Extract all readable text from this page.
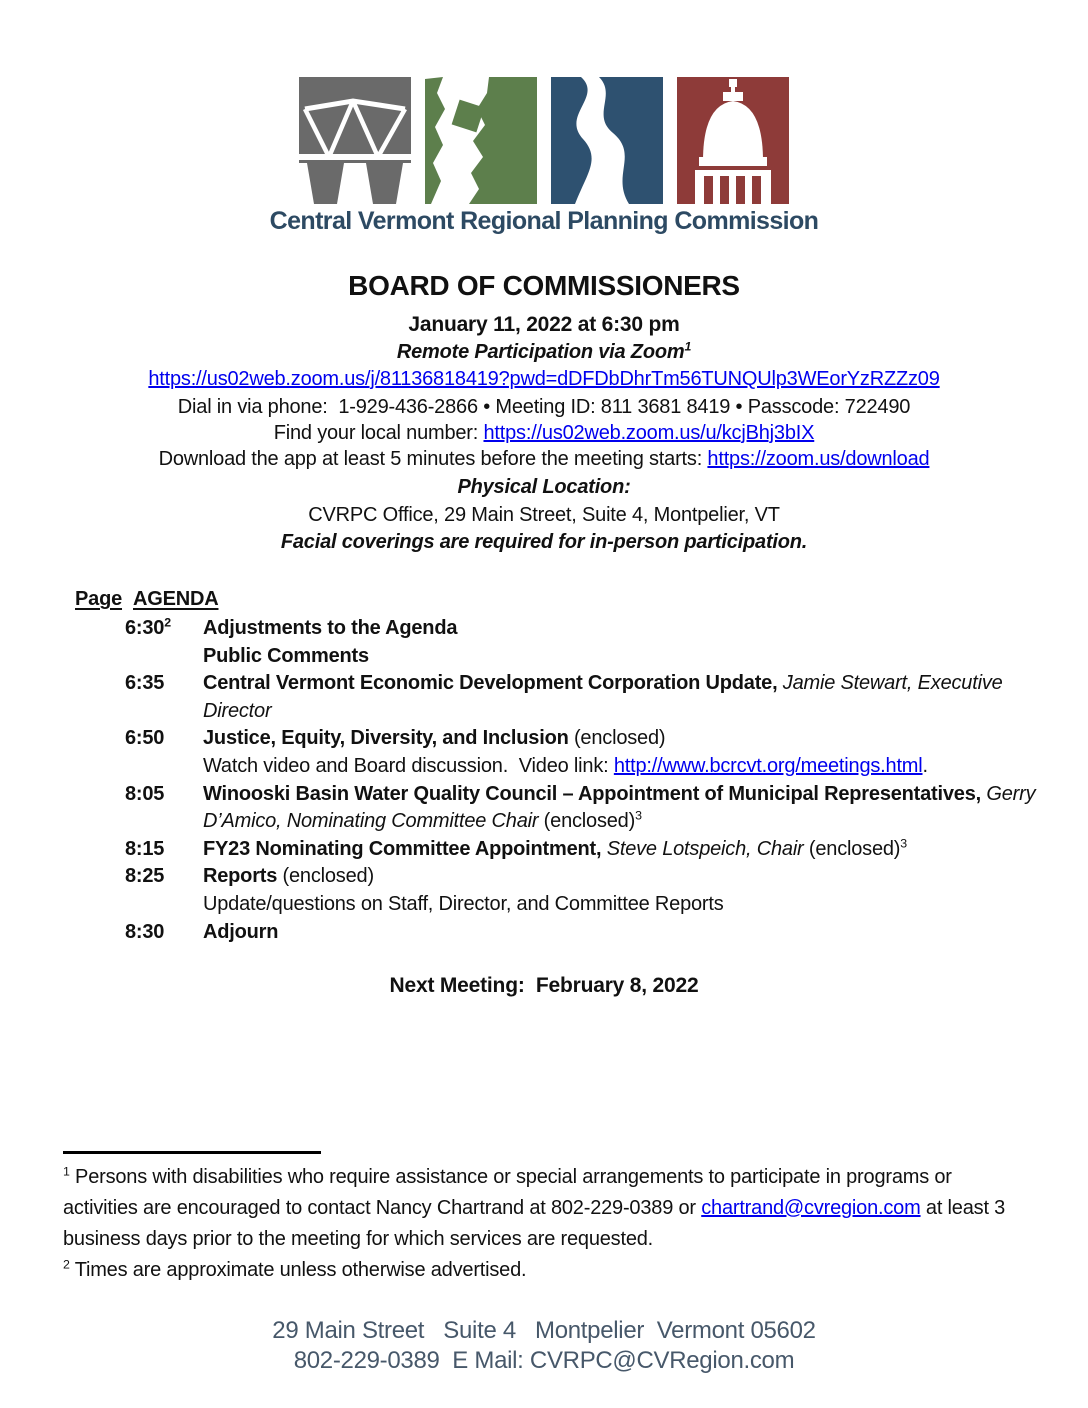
Central Vermont Regional Planning Commission
BOARD OF COMMISSIONERS
January 11, 2022 at 6:30 pm
Remote Participation via Zoom$^1$
https://us02web.zoom.us/j/81136818419?pwd=dDFDbDhrTm56TUNQUlp3WEorYzRZZz09
Dial in via phone:  1-929-436-2866 • Meeting ID: 811 3681 8419 • Passcode: 722490
Find your local number: https://us02web.zoom.us/u/kcjBhj3bIX
Download the app at least 5 minutes before the meeting starts: https://zoom.us/download
Physical Location:
CVRPC Office, 29 Main Street, Suite 4, Montpelier, VT
Facial coverings are required for in-person participation.
Page AGENDA
$6:30^2$	Adjustments to the Agenda
Public Comments
6:35	Central Vermont Economic Development Corporation Update, Jamie Stewart, Executive
Director
6:50	Justice, Equity, Diversity, and Inclusion (enclosed)
Watch video and Board discussion.  Video link: http://www.bcrcvt.org/meetings.html.
8:05	Winooski Basin Water Quality Council – Appointment of Municipal Representatives, Gerry
D’Amico, Nominating Committee Chair (enclosed)$^3$
8:15	FY23 Nominating Committee Appointment, Steve Lotspeich, Chair (enclosed)$^3$
8:25	Reports (enclosed)
Update/questions on Staff, Director, and Committee Reports
8:30	Adjourn
Next Meeting:  February 8, 2022

$^1$ Persons with disabilities who require assistance or special arrangements to participate in programs or activities are encouraged to contact Nancy Chartrand at 802-229-0389 or chartrand@cvregion.com at least 3 business days prior to the meeting for which services are requested.

$^2$ Times are approximate unless otherwise advertised.

29 Main Street   Suite 4   Montpelier  Vermont 05602
802-229-0389  E Mail: CVRPC@CVRegion.com
